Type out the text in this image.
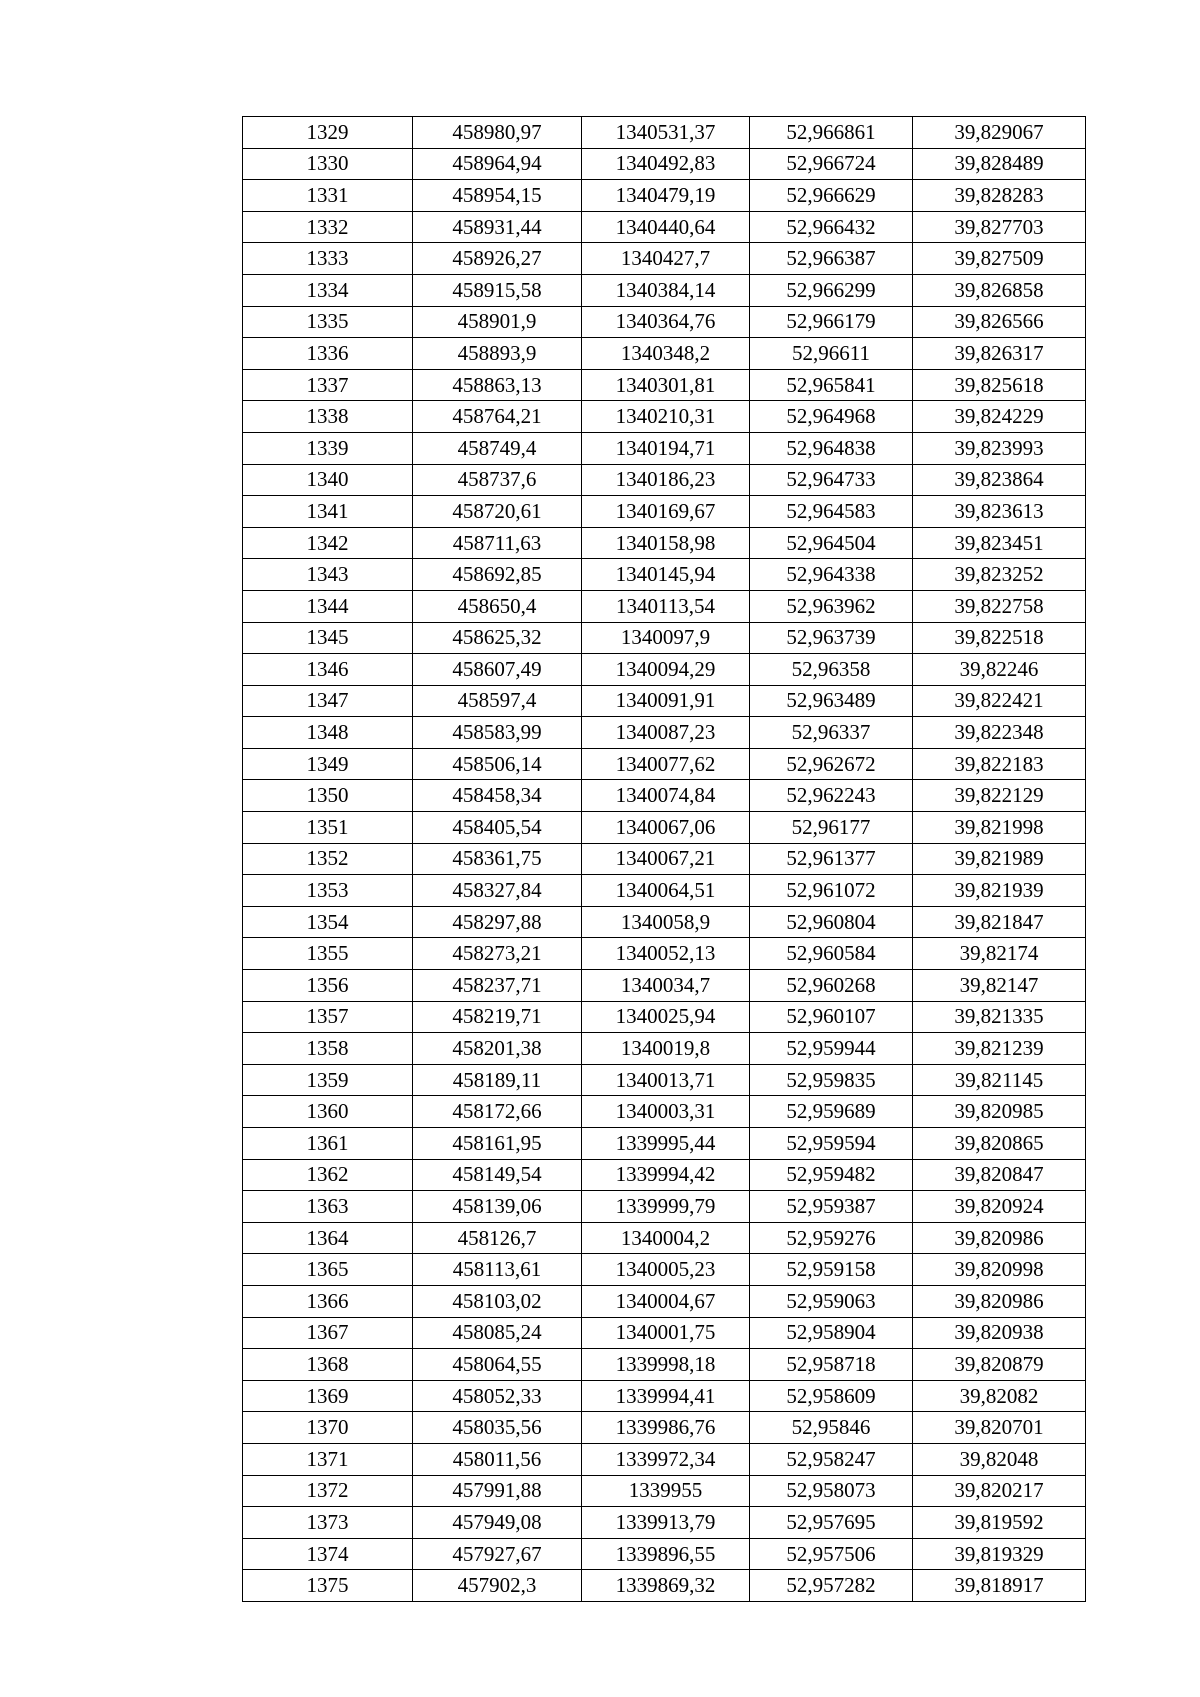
1329	458980,97	1340531,37	52,966861	39,829067
1330	458964,94	1340492,83	52,966724	39,828489
1331	458954,15	1340479,19	52,966629	39,828283
1332	458931,44	1340440,64	52,966432	39,827703
1333	458926,27	1340427,7	52,966387	39,827509
1334	458915,58	1340384,14	52,966299	39,826858
1335	458901,9	1340364,76	52,966179	39,826566
1336	458893,9	1340348,2	52,96611	39,826317
1337	458863,13	1340301,81	52,965841	39,825618
1338	458764,21	1340210,31	52,964968	39,824229
1339	458749,4	1340194,71	52,964838	39,823993
1340	458737,6	1340186,23	52,964733	39,823864
1341	458720,61	1340169,67	52,964583	39,823613
1342	458711,63	1340158,98	52,964504	39,823451
1343	458692,85	1340145,94	52,964338	39,823252
1344	458650,4	1340113,54	52,963962	39,822758
1345	458625,32	1340097,9	52,963739	39,822518
1346	458607,49	1340094,29	52,96358	39,82246
1347	458597,4	1340091,91	52,963489	39,822421
1348	458583,99	1340087,23	52,96337	39,822348
1349	458506,14	1340077,62	52,962672	39,822183
1350	458458,34	1340074,84	52,962243	39,822129
1351	458405,54	1340067,06	52,96177	39,821998
1352	458361,75	1340067,21	52,961377	39,821989
1353	458327,84	1340064,51	52,961072	39,821939
1354	458297,88	1340058,9	52,960804	39,821847
1355	458273,21	1340052,13	52,960584	39,82174
1356	458237,71	1340034,7	52,960268	39,82147
1357	458219,71	1340025,94	52,960107	39,821335
1358	458201,38	1340019,8	52,959944	39,821239
1359	458189,11	1340013,71	52,959835	39,821145
1360	458172,66	1340003,31	52,959689	39,820985
1361	458161,95	1339995,44	52,959594	39,820865
1362	458149,54	1339994,42	52,959482	39,820847
1363	458139,06	1339999,79	52,959387	39,820924
1364	458126,7	1340004,2	52,959276	39,820986
1365	458113,61	1340005,23	52,959158	39,820998
1366	458103,02	1340004,67	52,959063	39,820986
1367	458085,24	1340001,75	52,958904	39,820938
1368	458064,55	1339998,18	52,958718	39,820879
1369	458052,33	1339994,41	52,958609	39,82082
1370	458035,56	1339986,76	52,95846	39,820701
1371	458011,56	1339972,34	52,958247	39,82048
1372	457991,88	1339955	52,958073	39,820217
1373	457949,08	1339913,79	52,957695	39,819592
1374	457927,67	1339896,55	52,957506	39,819329
1375	457902,3	1339869,32	52,957282	39,818917
